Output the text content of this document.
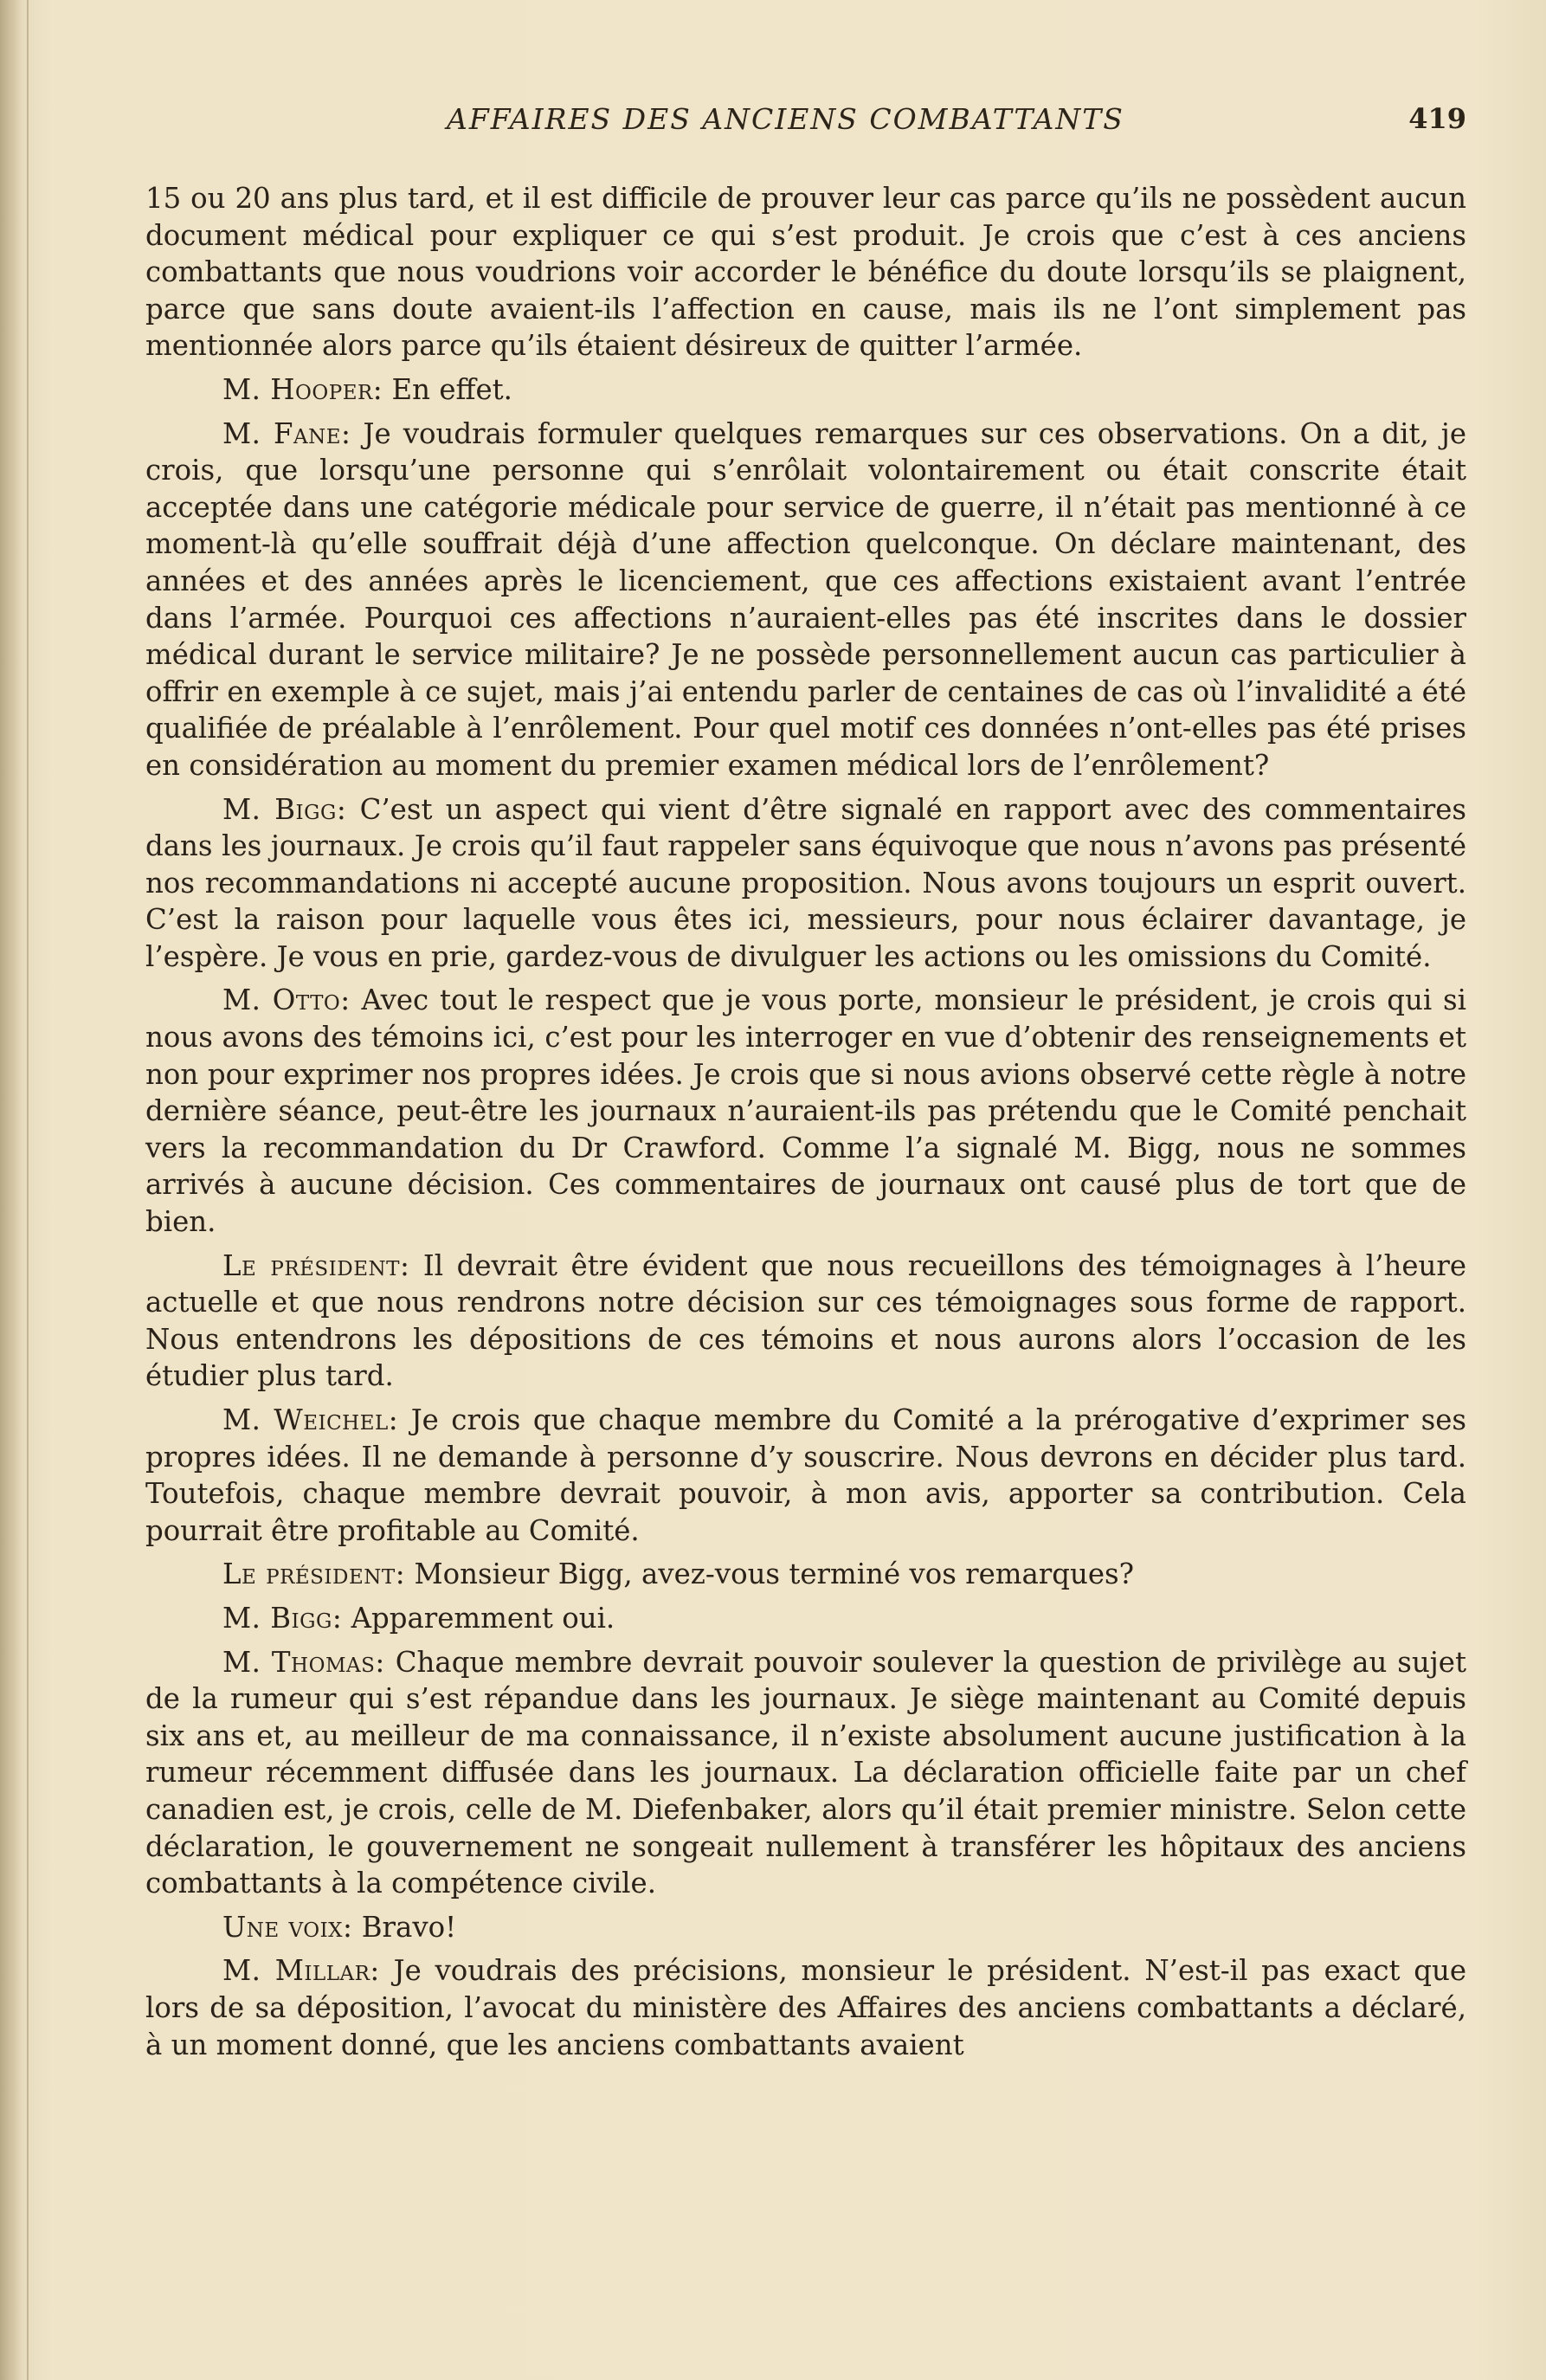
AFFAIRES DES ANCIENS COMBATTANTS	419

15 ou 20 ans plus tard, et il est difficile de prouver leur cas parce qu’ils ne possèdent aucun document médical pour expliquer ce qui s’est produit. Je crois que c’est à ces anciens combattants que nous voudrions voir accorder le bénéfice du doute lorsqu’ils se plaignent, parce que sans doute avaient-ils l’affection en cause, mais ils ne l’ont simplement pas mentionnée alors parce qu’ils étaient désireux de quitter l’armée.

M. Hooper: En effet.

M. Fane: Je voudrais formuler quelques remarques sur ces observations. On a dit, je crois, que lorsqu’une personne qui s’enrôlait volontairement ou était conscrite était acceptée dans une catégorie médicale pour service de guerre, il n’était pas mentionné à ce moment-là qu’elle souffrait déjà d’une affection quelconque. On déclare maintenant, des années et des années après le licenciement, que ces affections existaient avant l’entrée dans l’armée. Pourquoi ces affections n’auraient-elles pas été inscrites dans le dossier médical durant le service militaire? Je ne possède personnellement aucun cas particulier à offrir en exemple à ce sujet, mais j’ai entendu parler de centaines de cas où l’invalidité a été qualifiée de préalable à l’enrôlement. Pour quel motif ces données n’ont-elles pas été prises en considération au moment du premier examen médical lors de l’enrôlement?

M. Bigg: C’est un aspect qui vient d’être signalé en rapport avec des commentaires dans les journaux. Je crois qu’il faut rappeler sans équivoque que nous n’avons pas présenté nos recommandations ni accepté aucune proposition. Nous avons toujours un esprit ouvert. C’est la raison pour laquelle vous êtes ici, messieurs, pour nous éclairer davantage, je l’espère. Je vous en prie, gardez-vous de divulguer les actions ou les omissions du Comité.

M. Otto: Avec tout le respect que je vous porte, monsieur le président, je crois qui si nous avons des témoins ici, c’est pour les interroger en vue d’obtenir des renseignements et non pour exprimer nos propres idées. Je crois que si nous avions observé cette règle à notre dernière séance, peut-être les journaux n’auraient-ils pas prétendu que le Comité penchait vers la recommandation du Dr Crawford. Comme l’a signalé M. Bigg, nous ne sommes arrivés à aucune décision. Ces commentaires de journaux ont causé plus de tort que de bien.

Le président: Il devrait être évident que nous recueillons des témoignages à l’heure actuelle et que nous rendrons notre décision sur ces témoignages sous forme de rapport. Nous entendrons les dépositions de ces témoins et nous aurons alors l’occasion de les étudier plus tard.

M. Weichel: Je crois que chaque membre du Comité a la prérogative d’exprimer ses propres idées. Il ne demande à personne d’y souscrire. Nous devrons en décider plus tard. Toutefois, chaque membre devrait pouvoir, à mon avis, apporter sa contribution. Cela pourrait être profitable au Comité.

Le président: Monsieur Bigg, avez-vous terminé vos remarques?

M. Bigg: Apparemment oui.

M. Thomas: Chaque membre devrait pouvoir soulever la question de privilège au sujet de la rumeur qui s’est répandue dans les journaux. Je siège maintenant au Comité depuis six ans et, au meilleur de ma connaissance, il n’existe absolument aucune justification à la rumeur récemment diffusée dans les journaux. La déclaration officielle faite par un chef canadien est, je crois, celle de M. Diefenbaker, alors qu’il était premier ministre. Selon cette déclaration, le gouvernement ne songeait nullement à transférer les hôpitaux des anciens combattants à la compétence civile.

Une voix: Bravo!

M. Millar: Je voudrais des précisions, monsieur le président. N’est-il pas exact que lors de sa déposition, l’avocat du ministère des Affaires des anciens combattants a déclaré, à un moment donné, que les anciens combattants avaient
